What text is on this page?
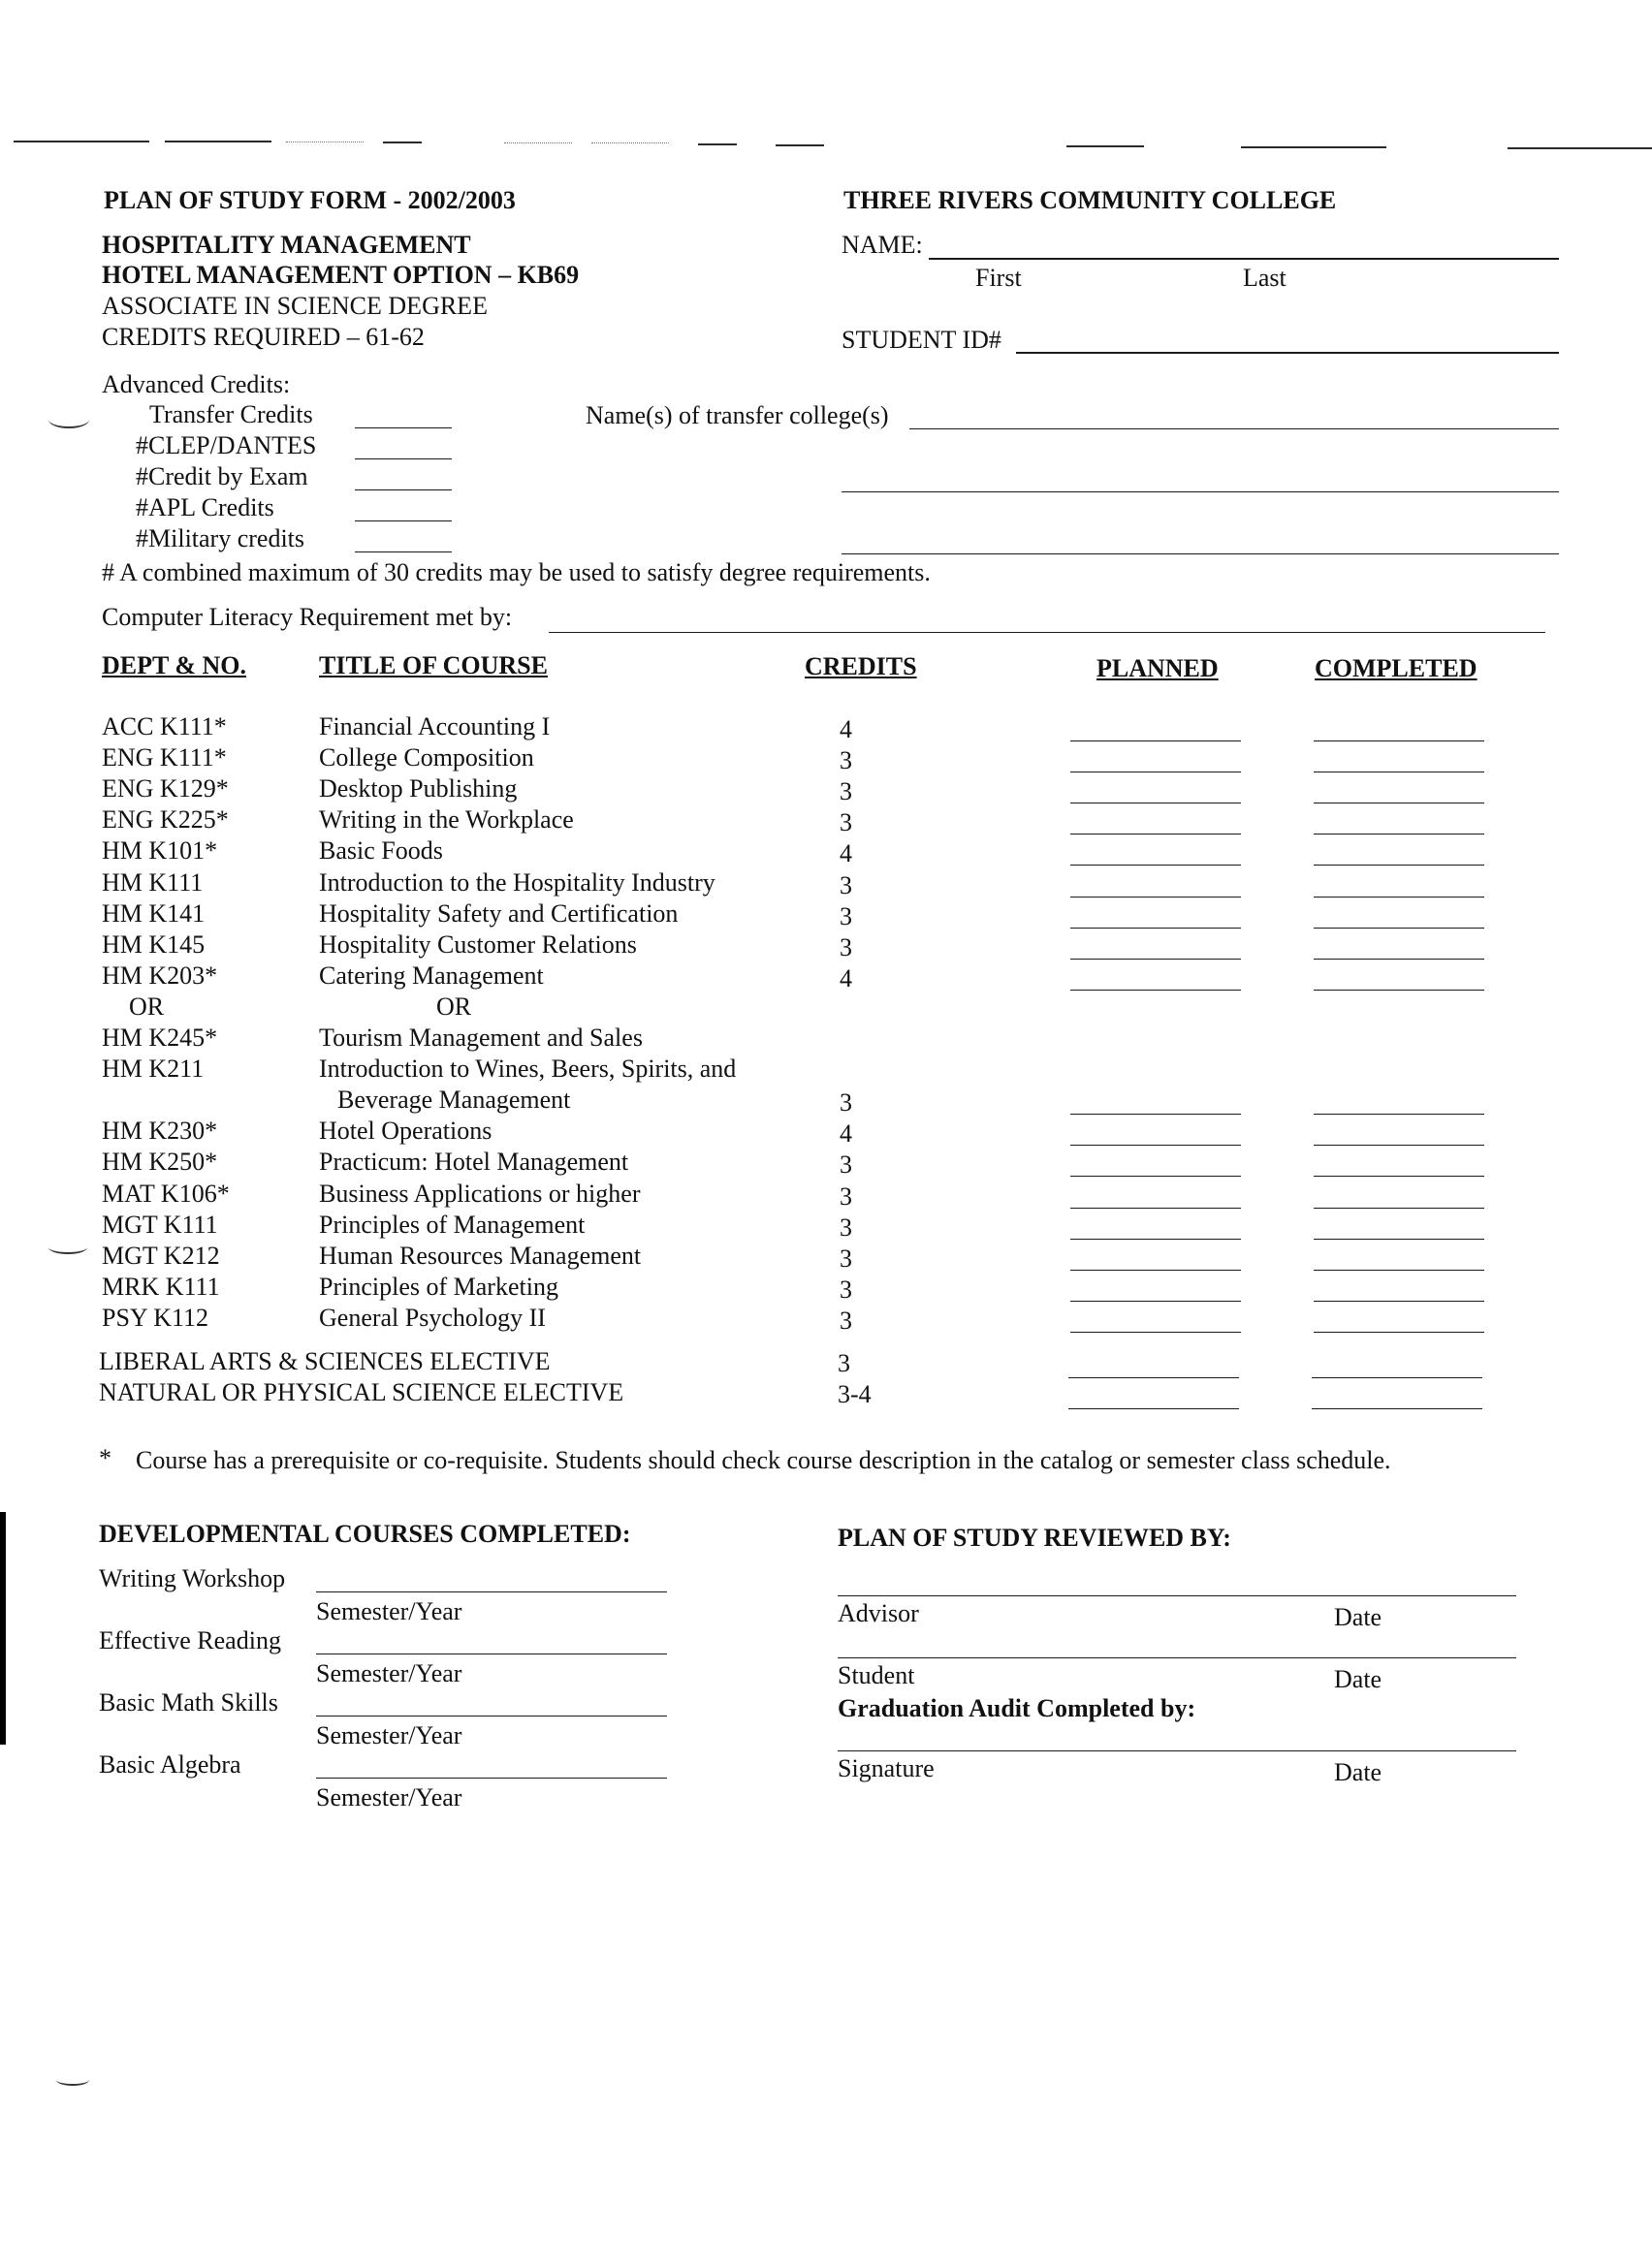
PLAN OF STUDY FORM - 2002/2003
HOSPITALITY MANAGEMENT
HOTEL MANAGEMENT OPTION – KB69
ASSOCIATE IN SCIENCE DEGREE
CREDITS REQUIRED – 61-62
THREE RIVERS COMMUNITY COLLEGE
NAME:
First	Last
STUDENT ID#
Advanced Credits:
Transfer Credits
#CLEP/DANTES
#Credit by Exam
#APL Credits
#Military credits
Name(s) of transfer college(s)
# A combined maximum of 30 credits may be used to satisfy degree requirements.
Computer Literacy Requirement met by:
DEPT & NO.	TITLE OF COURSE	CREDITS	PLANNED	COMPLETED
ACC K111*	Financial Accounting I	4
ENG K111*	College Composition	3
ENG K129*	Desktop Publishing	3
ENG K225*	Writing in the Workplace	3
HM K101*	Basic Foods	4
HM K111	Introduction to the Hospitality Industry	3
HM K141	Hospitality Safety and Certification	3
HM K145	Hospitality Customer Relations	3
HM K203*	Catering Management	4
OR	OR
HM K245*	Tourism Management and Sales
HM K211	Introduction to Wines, Beers, Spirits, and
Beverage Management	3
HM K230*	Hotel Operations	4
HM K250*	Practicum: Hotel Management	3
MAT K106*	Business Applications or higher	3
MGT K111	Principles of Management	3
MGT K212	Human Resources Management	3
MRK K111	Principles of Marketing	3
PSY K112	General Psychology II	3
LIBERAL ARTS & SCIENCES ELECTIVE	3
NATURAL OR PHYSICAL SCIENCE ELECTIVE	3-4
* Course has a prerequisite or co-requisite. Students should check course description in the catalog or semester class schedule.
DEVELOPMENTAL COURSES COMPLETED:
Writing Workshop
Semester/Year
Effective Reading
Semester/Year
Basic Math Skills
Semester/Year
Basic Algebra
Semester/Year
PLAN OF STUDY REVIEWED BY:
Advisor	Date
Student	Date
Graduation Audit Completed by:
Signature	Date
